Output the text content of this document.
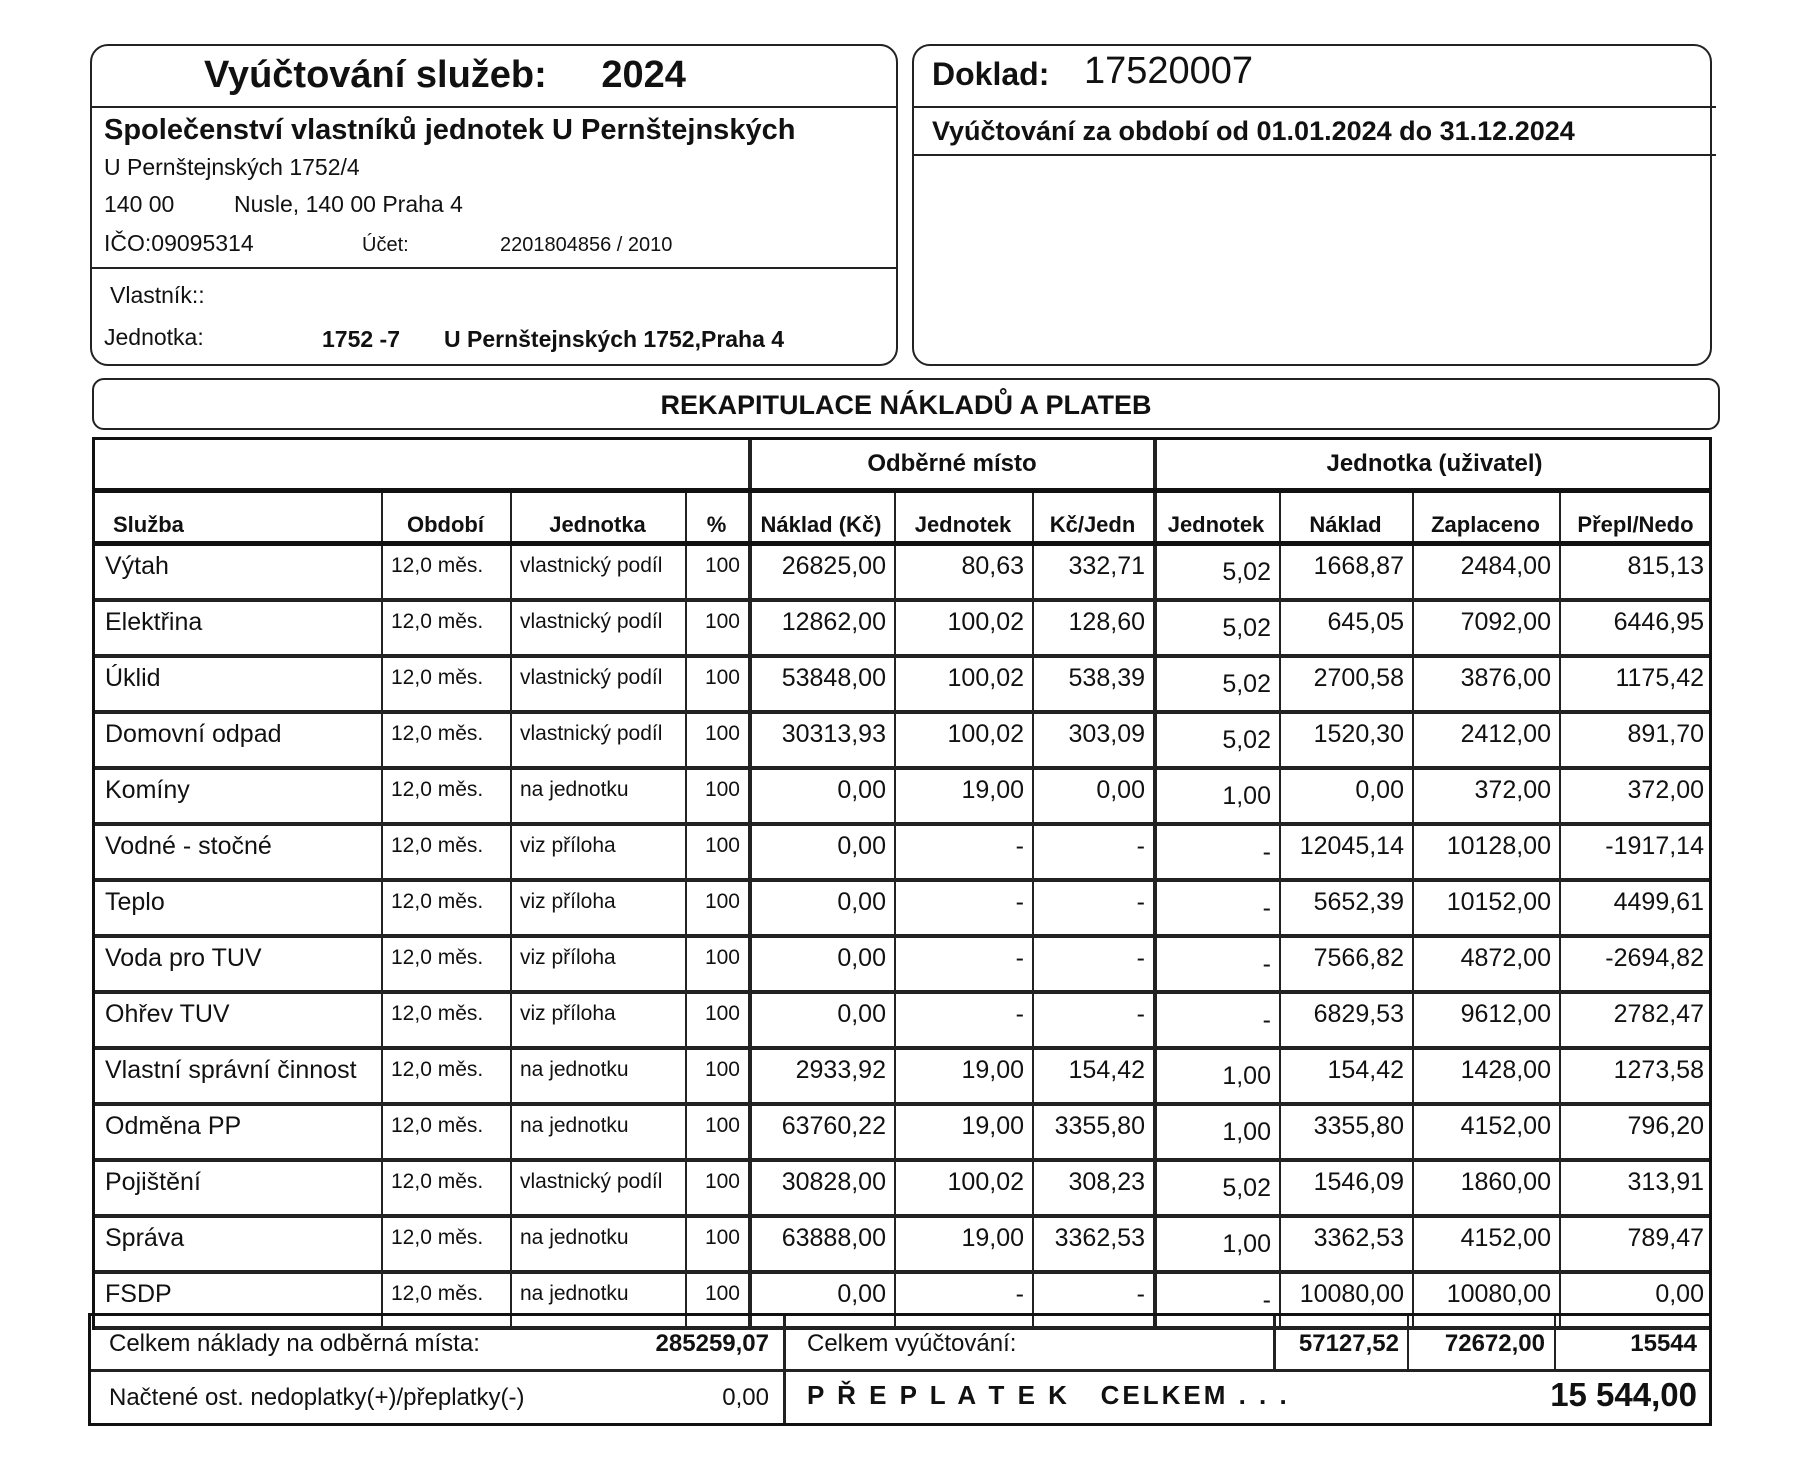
Vyúčtování služeb: 2024
Společenství vlastníků jednotek U Pernštejnských
U Pernštejnských 1752/4
140 00	Nusle, 140 00 Praha 4
IČO:09095314	Účet:	2201804856 / 2010
Vlastník::
Jednotka:	1752 -7 U Pernštejnských 1752,Praha 4
Doklad: 17520007
Vyúčtování za období od 01.01.2024 do 31.12.2024
REKAPITULACE NÁKLADŮ A PLATEB
Odběrné místo	Jednotka (uživatel)
Služba	Období	Jednotka	%	Náklad (Kč)	Jednotek	Kč/Jedn	Jednotek	Náklad	Zaplaceno	Přepl/Nedo
Výtah	12,0 měs.	vlastnický podíl	100	26825,00	80,63	332,71	5,02	1668,87	2484,00	815,13
Elektřina	12,0 měs.	vlastnický podíl	100	12862,00	100,02	128,60	5,02	645,05	7092,00	6446,95
Úklid	12,0 měs.	vlastnický podíl	100	53848,00	100,02	538,39	5,02	2700,58	3876,00	1175,42
Domovní odpad	12,0 měs.	vlastnický podíl	100	30313,93	100,02	303,09	5,02	1520,30	2412,00	891,70
Komíny	12,0 měs.	na jednotku	100	0,00	19,00	0,00	1,00	0,00	372,00	372,00
Vodné - stočné	12,0 měs.	viz příloha	100	0,00	-	-	-	12045,14	10128,00	-1917,14
Teplo	12,0 měs.	viz příloha	100	0,00	-	-	-	5652,39	10152,00	4499,61
Voda pro TUV	12,0 měs.	viz příloha	100	0,00	-	-	-	7566,82	4872,00	-2694,82
Ohřev TUV	12,0 měs.	viz příloha	100	0,00	-	-	-	6829,53	9612,00	2782,47
Vlastní správní činnost	12,0 měs.	na jednotku	100	2933,92	19,00	154,42	1,00	154,42	1428,00	1273,58
Odměna PP	12,0 měs.	na jednotku	100	63760,22	19,00	3355,80	1,00	3355,80	4152,00	796,20
Pojištění	12,0 měs.	vlastnický podíl	100	30828,00	100,02	308,23	5,02	1546,09	1860,00	313,91
Správa	12,0 měs.	na jednotku	100	63888,00	19,00	3362,53	1,00	3362,53	4152,00	789,47
FSDP	12,0 měs.	na jednotku	100	0,00	-	-	-	10080,00	10080,00	0,00
Celkem náklady na odběrná místa:	285259,07 Celkem vyúčtování:	57127,52 72672,00	15544
Načtené ost. nedoplatky(+)/přeplatky(-)	0,00 P Ř E P L A T E K   CELKEM . . .	15 544,00
